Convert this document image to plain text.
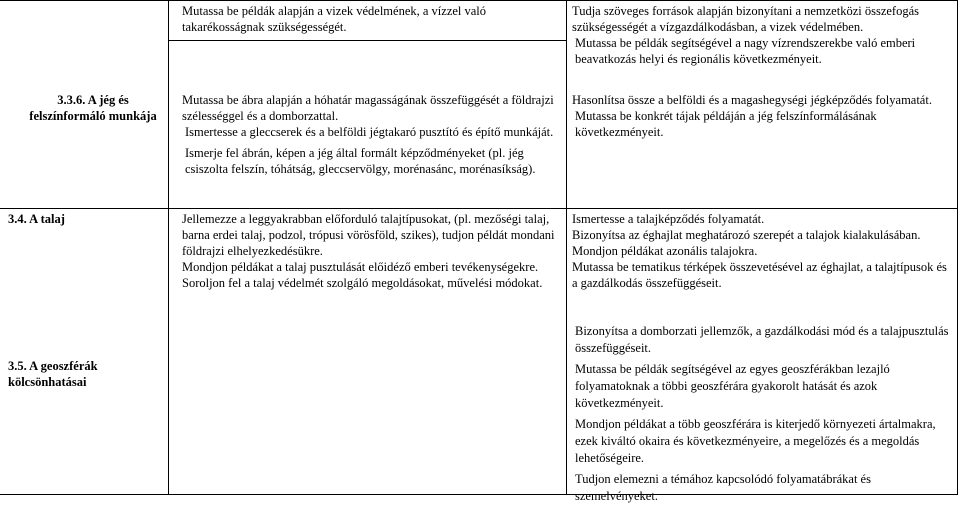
Mutassa be példák alapján a vizek védelmének, a vízzel való takarékosságnak szükségességét.

Tudja szöveges források alapján bizonyítani a nemzetközi összefogás szükségességét a vízgazdálkodásban, a vizek védelmében.

Mutassa be példák segítségével a nagy vízrendszerekbe való emberi beavatkozás helyi és regionális következményeit.

3.3.6. A jég és felszínformáló munkája

Mutassa be ábra alapján a hóhatár magasságának összefüggését a földrajzi szélességgel és a domborzattal.

Ismertesse a gleccserek és a belföldi jégtakaró pusztító és építő munkáját.

Ismerje fel ábrán, képen a jég által formált képződményeket (pl. jég csiszolta felszín, tóhátság, gleccservölgy, morénasánc, morénasíkság).

Hasonlítsa össze a belföldi és a magashegységi jégképződés folyamatát.

Mutassa be konkrét tájak példáján a jég felszínformálásának következményeit.

3.4. A talaj	Jellemezze a leggyakrabban előforduló talajtípusokat, (pl. mezőségi talaj, barna erdei talaj, podzol, trópusi vörösföld, szikes), tudjon példát mondani földrajzi elhelyezkedésükre.

Mondjon példákat a talaj pusztulását előidéző emberi tevékenységekre.

Soroljon fel a talaj védelmét szolgáló megoldásokat, művelési módokat.

Ismertesse a talajképződés folyamatát.

Bizonyítsa az éghajlat meghatározó szerepét a talajok kialakulásában.

Mondjon példákat azonális talajokra.

Mutassa be tematikus térképek összevetésével az éghajlat, a talajtípusok és a gazdálkodás összefüggéseit.

3.5. A geoszférák kölcsönhatásai

Bizonyítsa a domborzati jellemzők, a gazdálkodási mód és a talajpusztulás összefüggéseit.

Mutassa be példák segítségével az egyes geoszférákban lezajló folyamatoknak a többi geoszférára gyakorolt hatását és azok következményeit.

Mondjon példákat a több geoszférára is kiterjedő környezeti ártalmakra, ezek kiváltó okaira és következményeire, a megelőzés és a megoldás lehetőségeire.

Tudjon elemezni a témához kapcsolódó folyamatábrákat és szemelvényeket.
